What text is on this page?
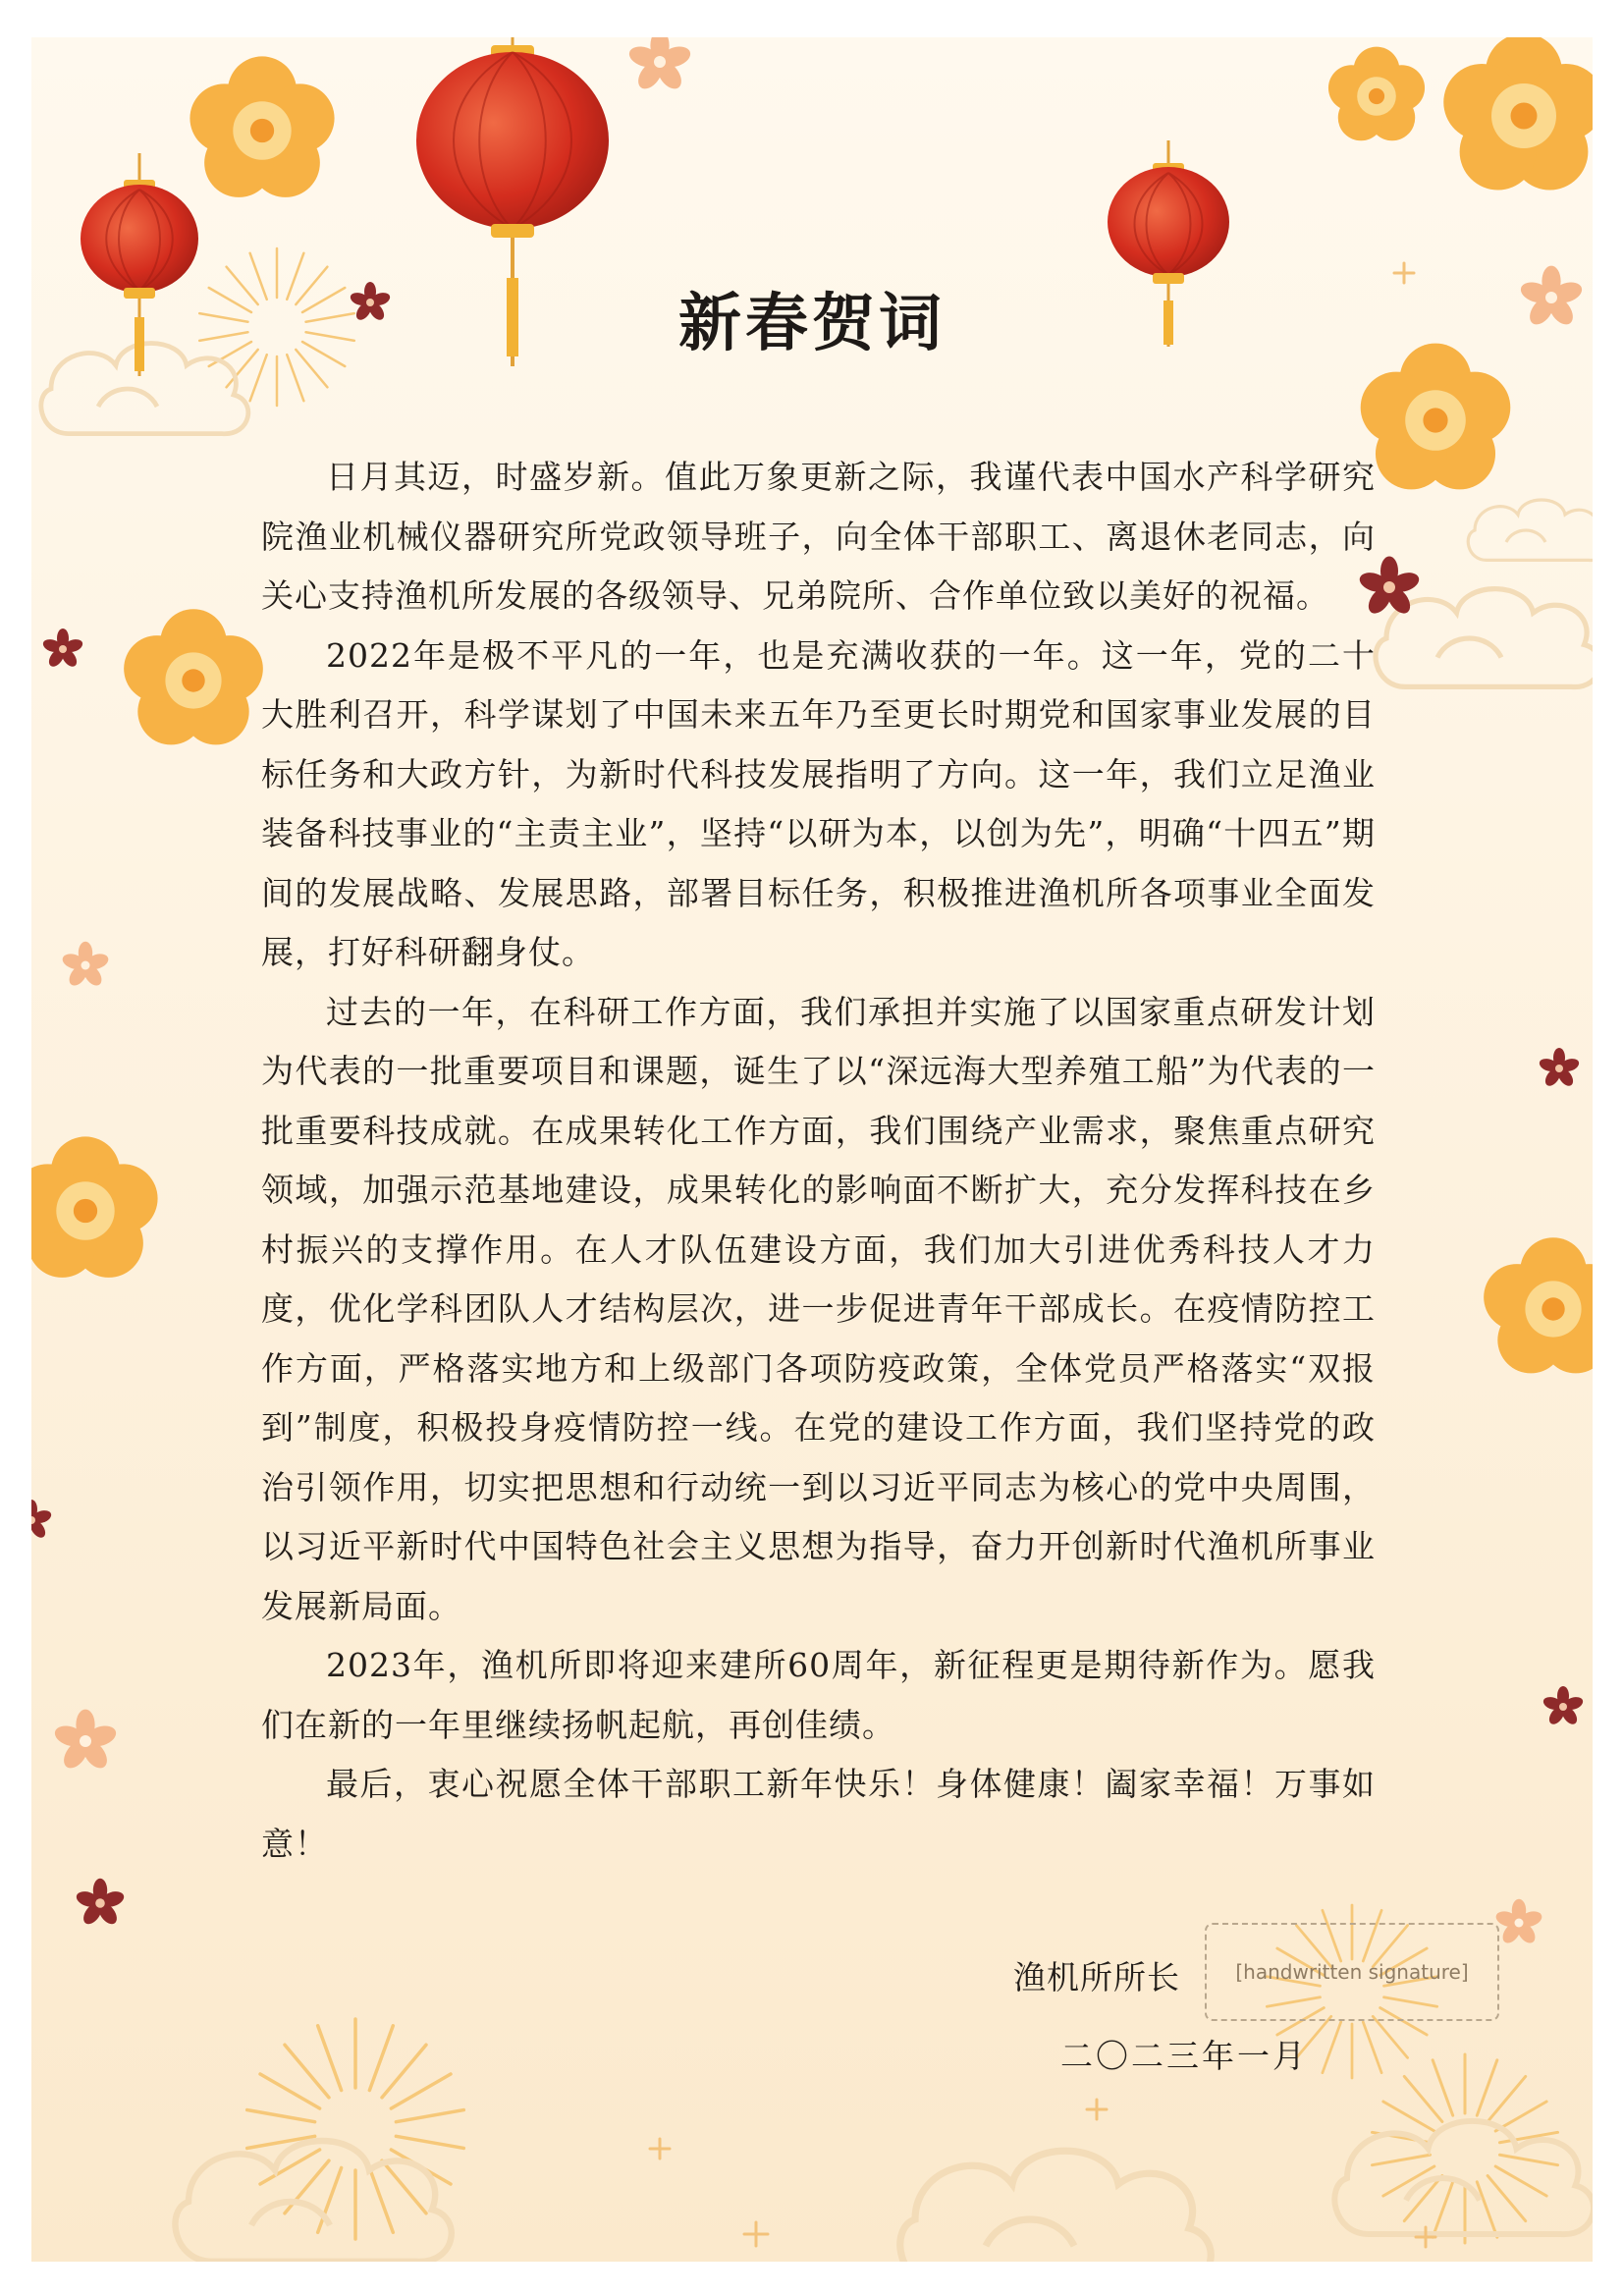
新春贺词

日月其迈，时盛岁新。值此万象更新之际，我谨代表中国水产科学研究院渔业机械仪器研究所党政领导班子，向全体干部职工、离退休老同志，向关心支持渔机所发展的各级领导、兄弟院所、合作单位致以美好的祝福。

2022年是极不平凡的一年，也是充满收获的一年。这一年，党的二十大胜利召开，科学谋划了中国未来五年乃至更长时期党和国家事业发展的目标任务和大政方针，为新时代科技发展指明了方向。这一年，我们立足渔业装备科技事业的“主责主业”，坚持“以研为本，以创为先”，明确“十四五”期间的发展战略、发展思路，部署目标任务，积极推进渔机所各项事业全面发展，打好科研翻身仗。

过去的一年，在科研工作方面，我们承担并实施了以国家重点研发计划为代表的一批重要项目和课题，诞生了以“深远海大型养殖工船”为代表的一批重要科技成就。在成果转化工作方面，我们围绕产业需求，聚焦重点研究领域，加强示范基地建设，成果转化的影响面不断扩大，充分发挥科技在乡村振兴的支撑作用。在人才队伍建设方面，我们加大引进优秀科技人才力度，优化学科团队人才结构层次，进一步促进青年干部成长。在疫情防控工作方面，严格落实地方和上级部门各项防疫政策，全体党员严格落实“双报到”制度，积极投身疫情防控一线。在党的建设工作方面，我们坚持党的政治引领作用，切实把思想和行动统一到以习近平同志为核心的党中央周围，以习近平新时代中国特色社会主义思想为指导，奋力开创新时代渔机所事业发展新局面。

2023年，渔机所即将迎来建所60周年，新征程更是期待新作为。愿我们在新的一年里继续扬帆起航，再创佳绩。

最后，衷心祝愿全体干部职工新年快乐！身体健康！阖家幸福！万事如意！

渔机所所长	[handwritten signature]
二〇二三年一月
